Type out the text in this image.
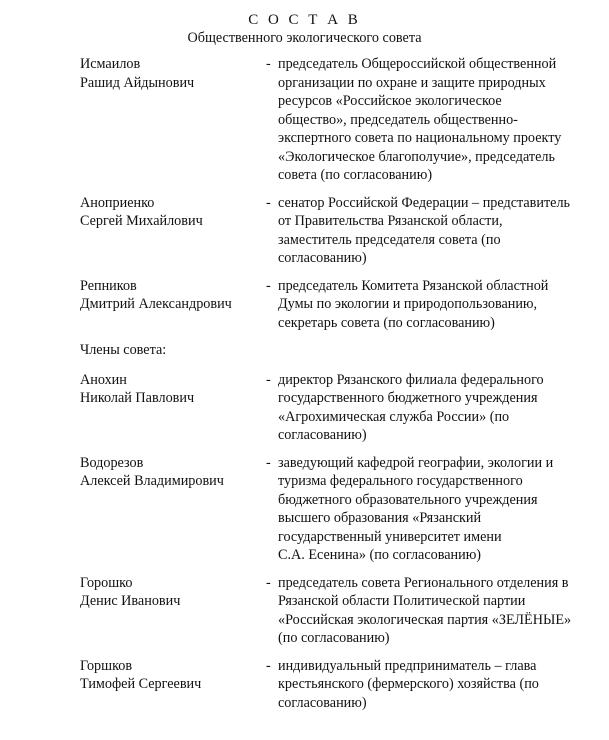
С О С Т А В
Общественного экологического совета
Исмаилов
Рашид Айдынович
- председатель Общероссийской общественной
организации по охране и защите природных
ресурсов «Российское экологическое
общество», председатель общественно-
экспертного совета по национальному проекту
«Экологическое благополучие», председатель
совета (по согласованию)
Аноприенко
Сергей Михайлович
- сенатор Российской Федерации – представитель
от Правительства Рязанской области,
заместитель председателя совета (по
согласованию)
Репников
Дмитрий Александрович
- председатель Комитета Рязанской областной
Думы по экологии и природопользованию,
секретарь совета (по согласованию)
Члены совета:
Анохин
Николай Павлович
- директор Рязанского филиала федерального
государственного бюджетного учреждения
«Агрохимическая служба России» (по
согласованию)
Водорезов
Алексей Владимирович
- заведующий кафедрой географии, экологии и
туризма федерального государственного
бюджетного образовательного учреждения
высшего образования «Рязанский
государственный университет имени
С.А. Есенина» (по согласованию)
Горошко
Денис Иванович
- председатель совета Регионального отделения в
Рязанской области Политической партии
«Российская экологическая партия «ЗЕЛЁНЫЕ»
(по согласованию)
Горшков
Тимофей Сергеевич
- индивидуальный предприниматель – глава
крестьянского (фермерского) хозяйства (по
согласованию)
